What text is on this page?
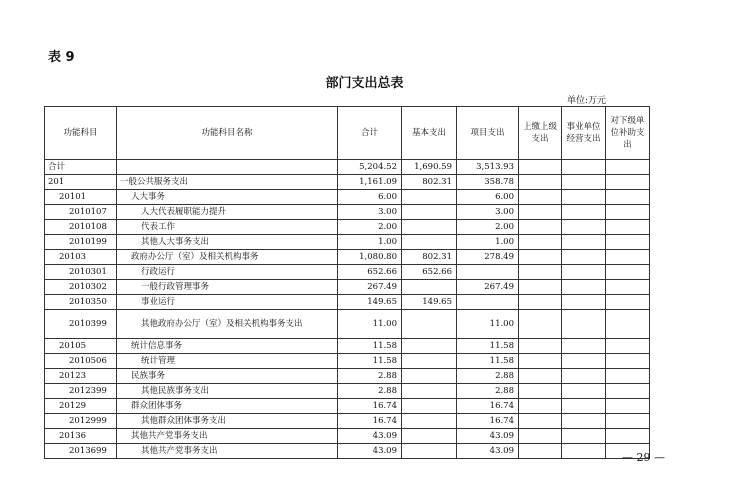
表 9
部门支出总表
单位:万元
功能科目	功能科目名称	合计	基本支出	项目支出	上缴上级支出	事业单位经营支出	对下级单位补助支出
合计		5,204.52	1,690.59	3,513.93			
201	一般公共服务支出	1,161.09	802.31	358.78			
20101	人大事务	6.00		6.00			
2010107	人大代表履职能力提升	3.00		3.00			
2010108	代表工作	2.00		2.00			
2010199	其他人大事务支出	1.00		1.00			
20103	政府办公厅（室）及相关机构事务	1,080.80	802.31	278.49			
2010301	行政运行	652.66	652.66				
2010302	一般行政管理事务	267.49		267.49			
2010350	事业运行	149.65	149.65				
2010399	其他政府办公厅（室）及相关机构事务支出	11.00		11.00			
20105	统计信息事务	11.58		11.58			
2010506	统计管理	11.58		11.58			
20123	民族事务	2.88		2.88			
2012399	其他民族事务支出	2.88		2.88			
20129	群众团体事务	16.74		16.74			
2012999	其他群众团体事务支出	16.74		16.74			
20136	其他共产党事务支出	43.09		43.09			
2013699	其他共产党事务支出	43.09		43.09			
— 29 —
